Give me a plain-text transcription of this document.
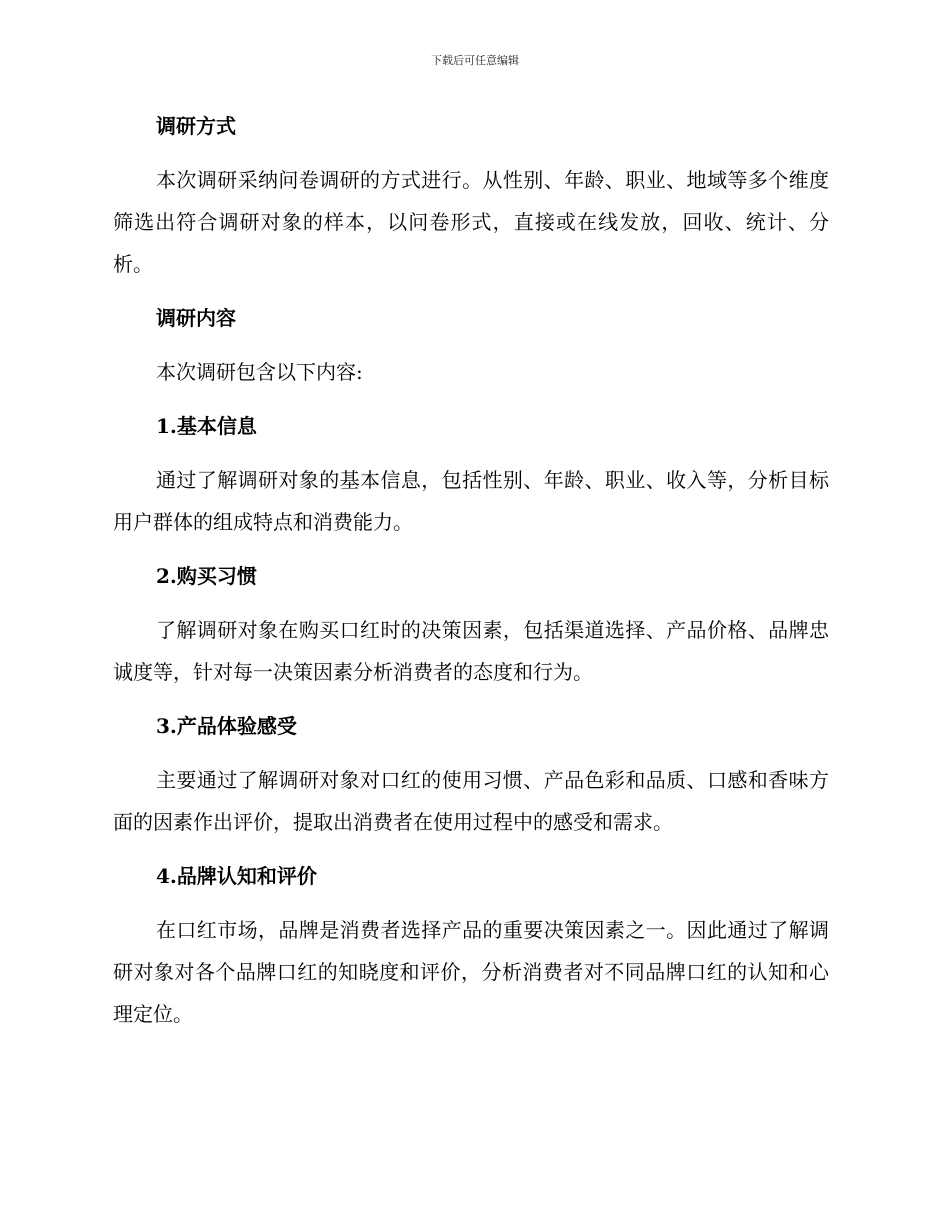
下载后可任意编辑
调研方式

本次调研采纳问卷调研的方式进行。从性别、年龄、职业、地域等多个维度筛选出符合调研对象的样本，以问卷形式，直接或在线发放，回收、统计、分析。

调研内容

本次调研包含以下内容:

1.基本信息

通过了解调研对象的基本信息，包括性别、年龄、职业、收入等，分析目标用户群体的组成特点和消费能力。

2.购买习惯

了解调研对象在购买口红时的决策因素，包括渠道选择、产品价格、品牌忠诚度等，针对每一决策因素分析消费者的态度和行为。

3.产品体验感受

主要通过了解调研对象对口红的使用习惯、产品色彩和品质、口感和香味方面的因素作出评价，提取出消费者在使用过程中的感受和需求。

4.品牌认知和评价

在口红市场，品牌是消费者选择产品的重要决策因素之一。因此通过了解调研对象对各个品牌口红的知晓度和评价，分析消费者对不同品牌口红的认知和心理定位。
